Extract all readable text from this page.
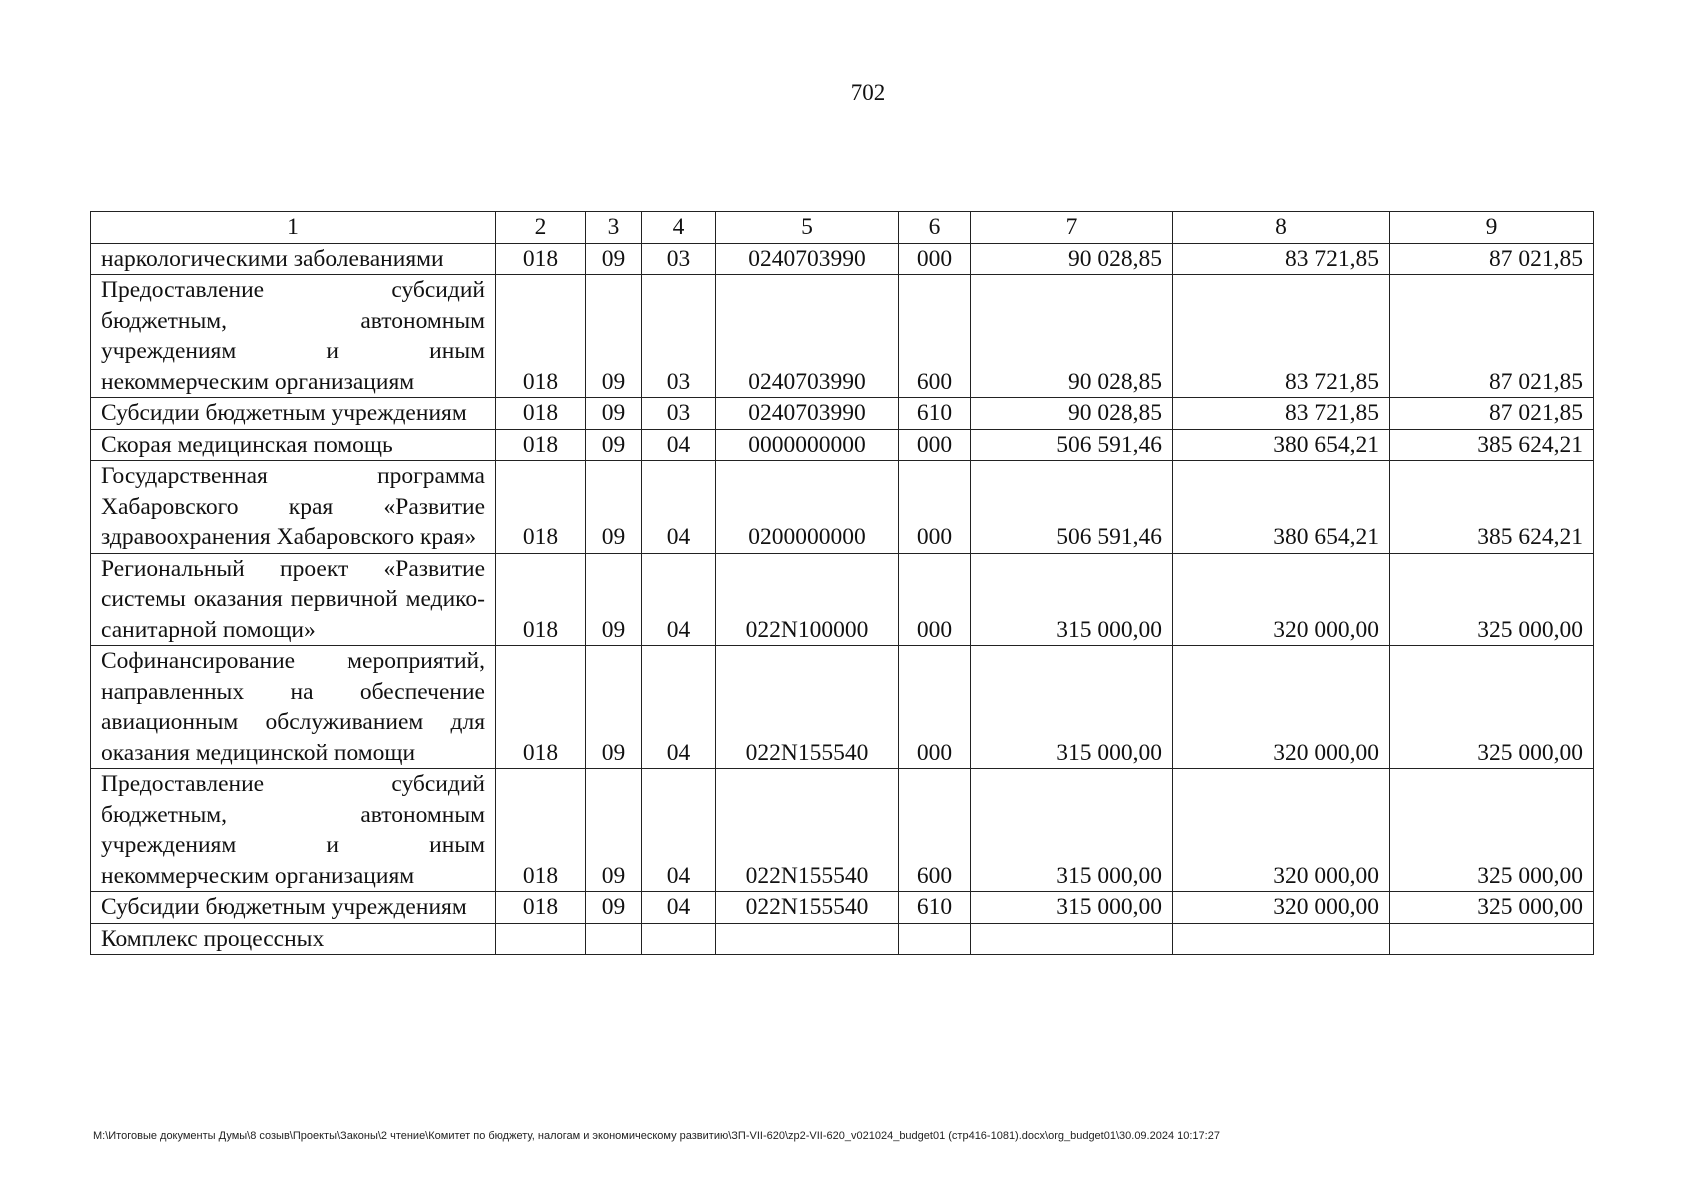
702
1	2	3	4	5	6	7	8	9
наркологическими заболеваниями	018	09	03	0240703990	000	90 028,85	83 721,85	87 021,85
Предоставление субсидий бюджетным, автономным учреждениям и иным некоммерческим организациям	018	09	03	0240703990	600	90 028,85	83 721,85	87 021,85
Субсидии бюджетным учреждениям	018	09	03	0240703990	610	90 028,85	83 721,85	87 021,85
Скорая медицинская помощь	018	09	04	0000000000	000	506 591,46	380 654,21	385 624,21
Государственная программа Хабаровского края «Развитие здравоохранения Хабаровского края»	018	09	04	0200000000	000	506 591,46	380 654,21	385 624,21
Региональный проект «Развитие системы оказания первичной медико-санитарной помощи»	018	09	04	022N100000	000	315 000,00	320 000,00	325 000,00
Софинансирование мероприятий, направленных на обеспечение авиационным обслуживанием для оказания медицинской помощи	018	09	04	022N155540	000	315 000,00	320 000,00	325 000,00
Предоставление субсидий бюджетным, автономным учреждениям и иным некоммерческим организациям	018	09	04	022N155540	600	315 000,00	320 000,00	325 000,00
Субсидии бюджетным учреждениям	018	09	04	022N155540	610	315 000,00	320 000,00	325 000,00
Комплекс процессных								
M:\Итоговые документы Думы\8 созыв\Проекты\Законы\2 чтение\Комитет по бюджету, налогам и экономическому развитию\ЗП-VII-620\zp2-VII-620_v021024_budget01 (стр416-1081).docx\org_budget01\30.09.2024 10:17:27
